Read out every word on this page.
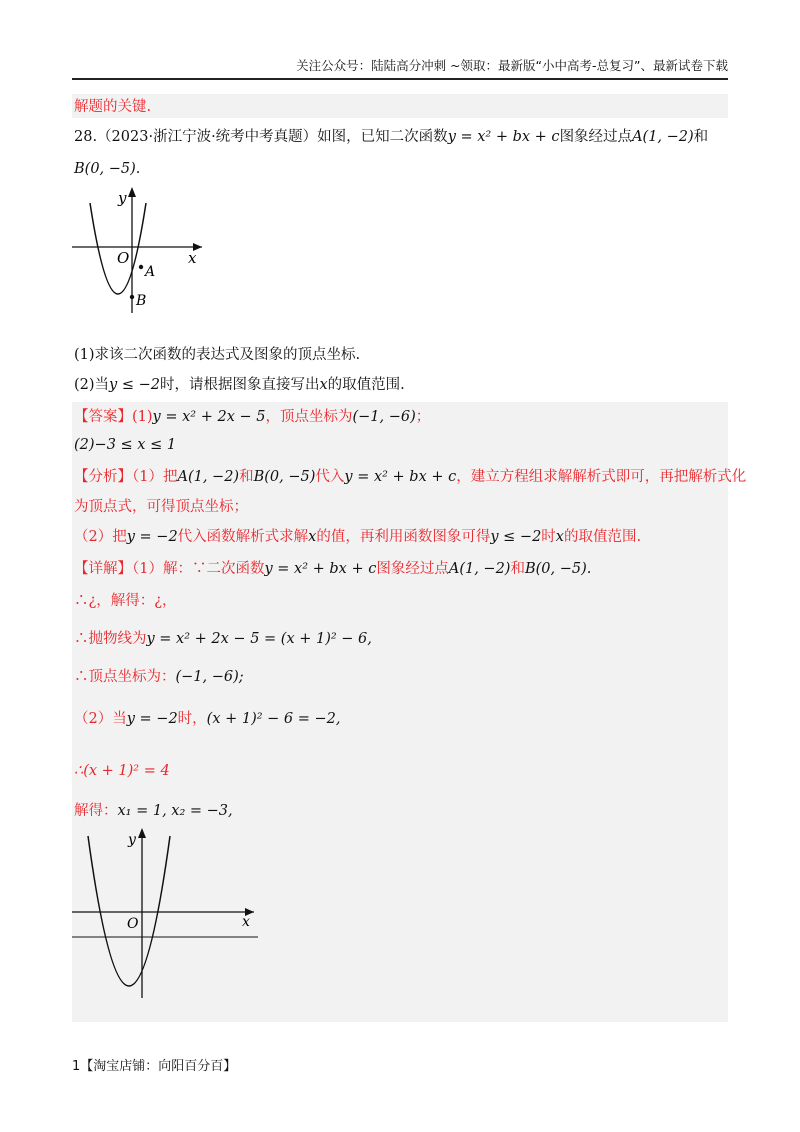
关注公众号：陆陆高分冲刺 ~领取：最新版“小中高考-总复习”、最新试卷下载
解题的关键.
28.（2023·浙江宁波·统考中考真题）如图，已知二次函数y = x² + bx + c图象经过点A(1, −2)和
B(0, −5).
y
x
O
A
B
(1)求该二次函数的表达式及图象的顶点坐标.
(2)当y ≤ −2时，请根据图象直接写出x的取值范围.
【答案】(1)y = x² + 2x − 5，顶点坐标为(−1, −6)；
(2)−3 ≤ x ≤ 1
【分析】（1）把A(1, −2)和B(0, −5)代入y = x² + bx + c，建立方程组求解解析式即可，再把解析式化
为顶点式，可得顶点坐标；
（2）把y = −2代入函数解析式求解x的值，再利用函数图象可得y ≤ −2时x的取值范围.
【详解】（1）解：∵二次函数y = x² + bx + c图象经过点A(1, −2)和B(0, −5).
∴¿，解得：¿，
∴抛物线为y = x² + 2x − 5 = (x + 1)² − 6,
∴顶点坐标为：(−1, −6);
（2）当y = −2时，(x + 1)² − 6 = −2,
∴(x + 1)² = 4
解得：x₁ = 1, x₂ = −3,
y
x
O
1【淘宝店铺：向阳百分百】
